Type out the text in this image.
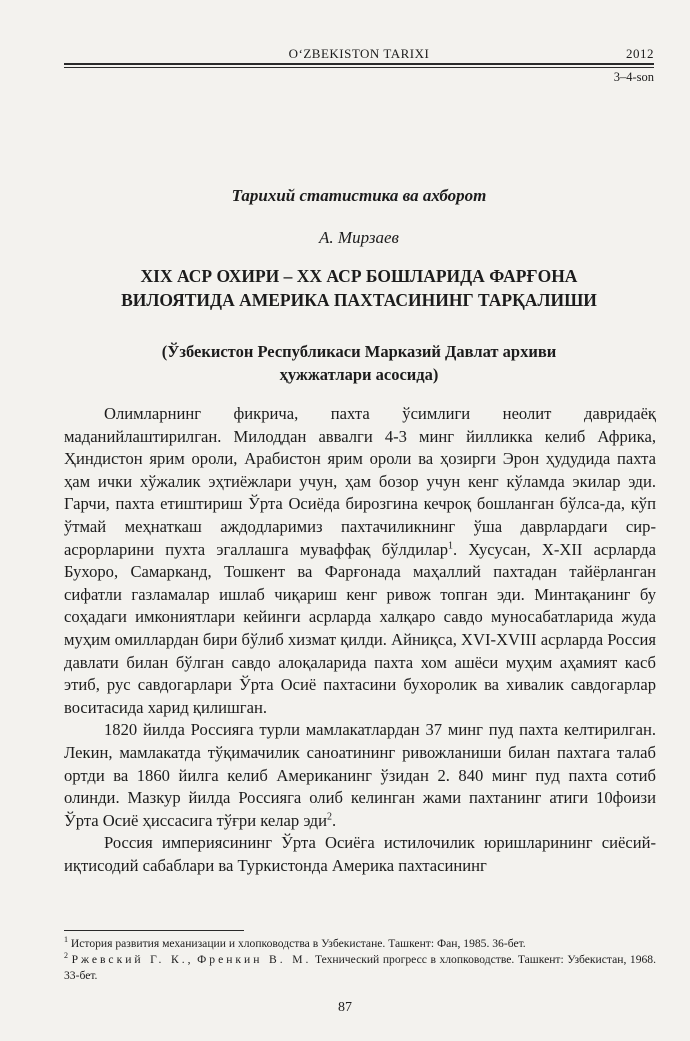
O‘ZBEKISTON TARIXI	2012
3–4-son
Тарихий статистика ва ахборот
А. Мирзаев
XIX АСР ОХИРИ – XX АСР БОШЛАРИДА ФАРҒОНА
ВИЛОЯТИДА АМЕРИКА ПАХТАСИНИНГ ТАРҚАЛИШИ
(Ўзбекистон Республикаси Марказий Давлат архиви
ҳужжатлари асосида)

Олимларнинг фикрича, пахта ўсимлиги неолит давридаёқ маданийлаштирилган. Милоддан аввалги 4-3 минг йилликка келиб Африка, Ҳиндистон ярим ороли, Арабистон ярим ороли ва ҳозирги Эрон ҳудудида пахта ҳам ички хўжалик эҳтиёжлари учун, ҳам бозор учун кенг кўламда экилар эди. Гарчи, пахта етиштириш Ўрта Осиёда бирозгина кечроқ бошланган бўлса-да, кўп ўтмай меҳнаткаш аждодларимиз пахтачиликнинг ўша даврлардаги сир-асрорларини пухта эгаллашга муваффақ бўлдилар$^1$. Хусусан, X-XII асрларда Бухоро, Самарканд, Тошкент ва Фарғонада маҳаллий пахтадан тайёрланган сифатли газламалар ишлаб чиқариш кенг ривож топган эди. Минтақанинг бу соҳадаги имкониятлари кейинги асрларда халқаро савдо муносабатларида жуда муҳим омиллардан бири бўлиб хизмат қилди. Айниқса, XVI-XVIII асрларда Россия давлати билан бўлган савдо алоқаларида пахта хом ашёси муҳим аҳамият касб этиб, рус савдогарлари Ўрта Осиё пахтасини бухоролик ва хивалик савдогарлар воситасида харид қилишган.

1820 йилда Россияга турли мамлакатлардан 37 минг пуд пахта келтирилган. Лекин, мамлакатда тўқимачилик саноатининг ривожланиши билан пахтага талаб ортди ва 1860 йилга келиб Американинг ўзидан 2. 840 минг пуд пахта сотиб олинди. Мазкур йилда Россияга олиб келинган жами пахтанинг атиги 10фоизи Ўрта Осиё ҳиссасига тўғри келар эди$^2$.

Россия империясининг Ўрта Осиёга истилочилик юришларининг сиёсий-иқтисодий сабаблари ва Туркистонда Америка пахтасининг

$^1$ История развития механизации и хлопководства в Узбекистане. Ташкент: Фан, 1985. 36-бет.

$^2$ Ржевский Г. К., Френкин В. М. Технический прогресс в хлопководстве. Ташкент: Узбекистан, 1968. 33-бет.

87
